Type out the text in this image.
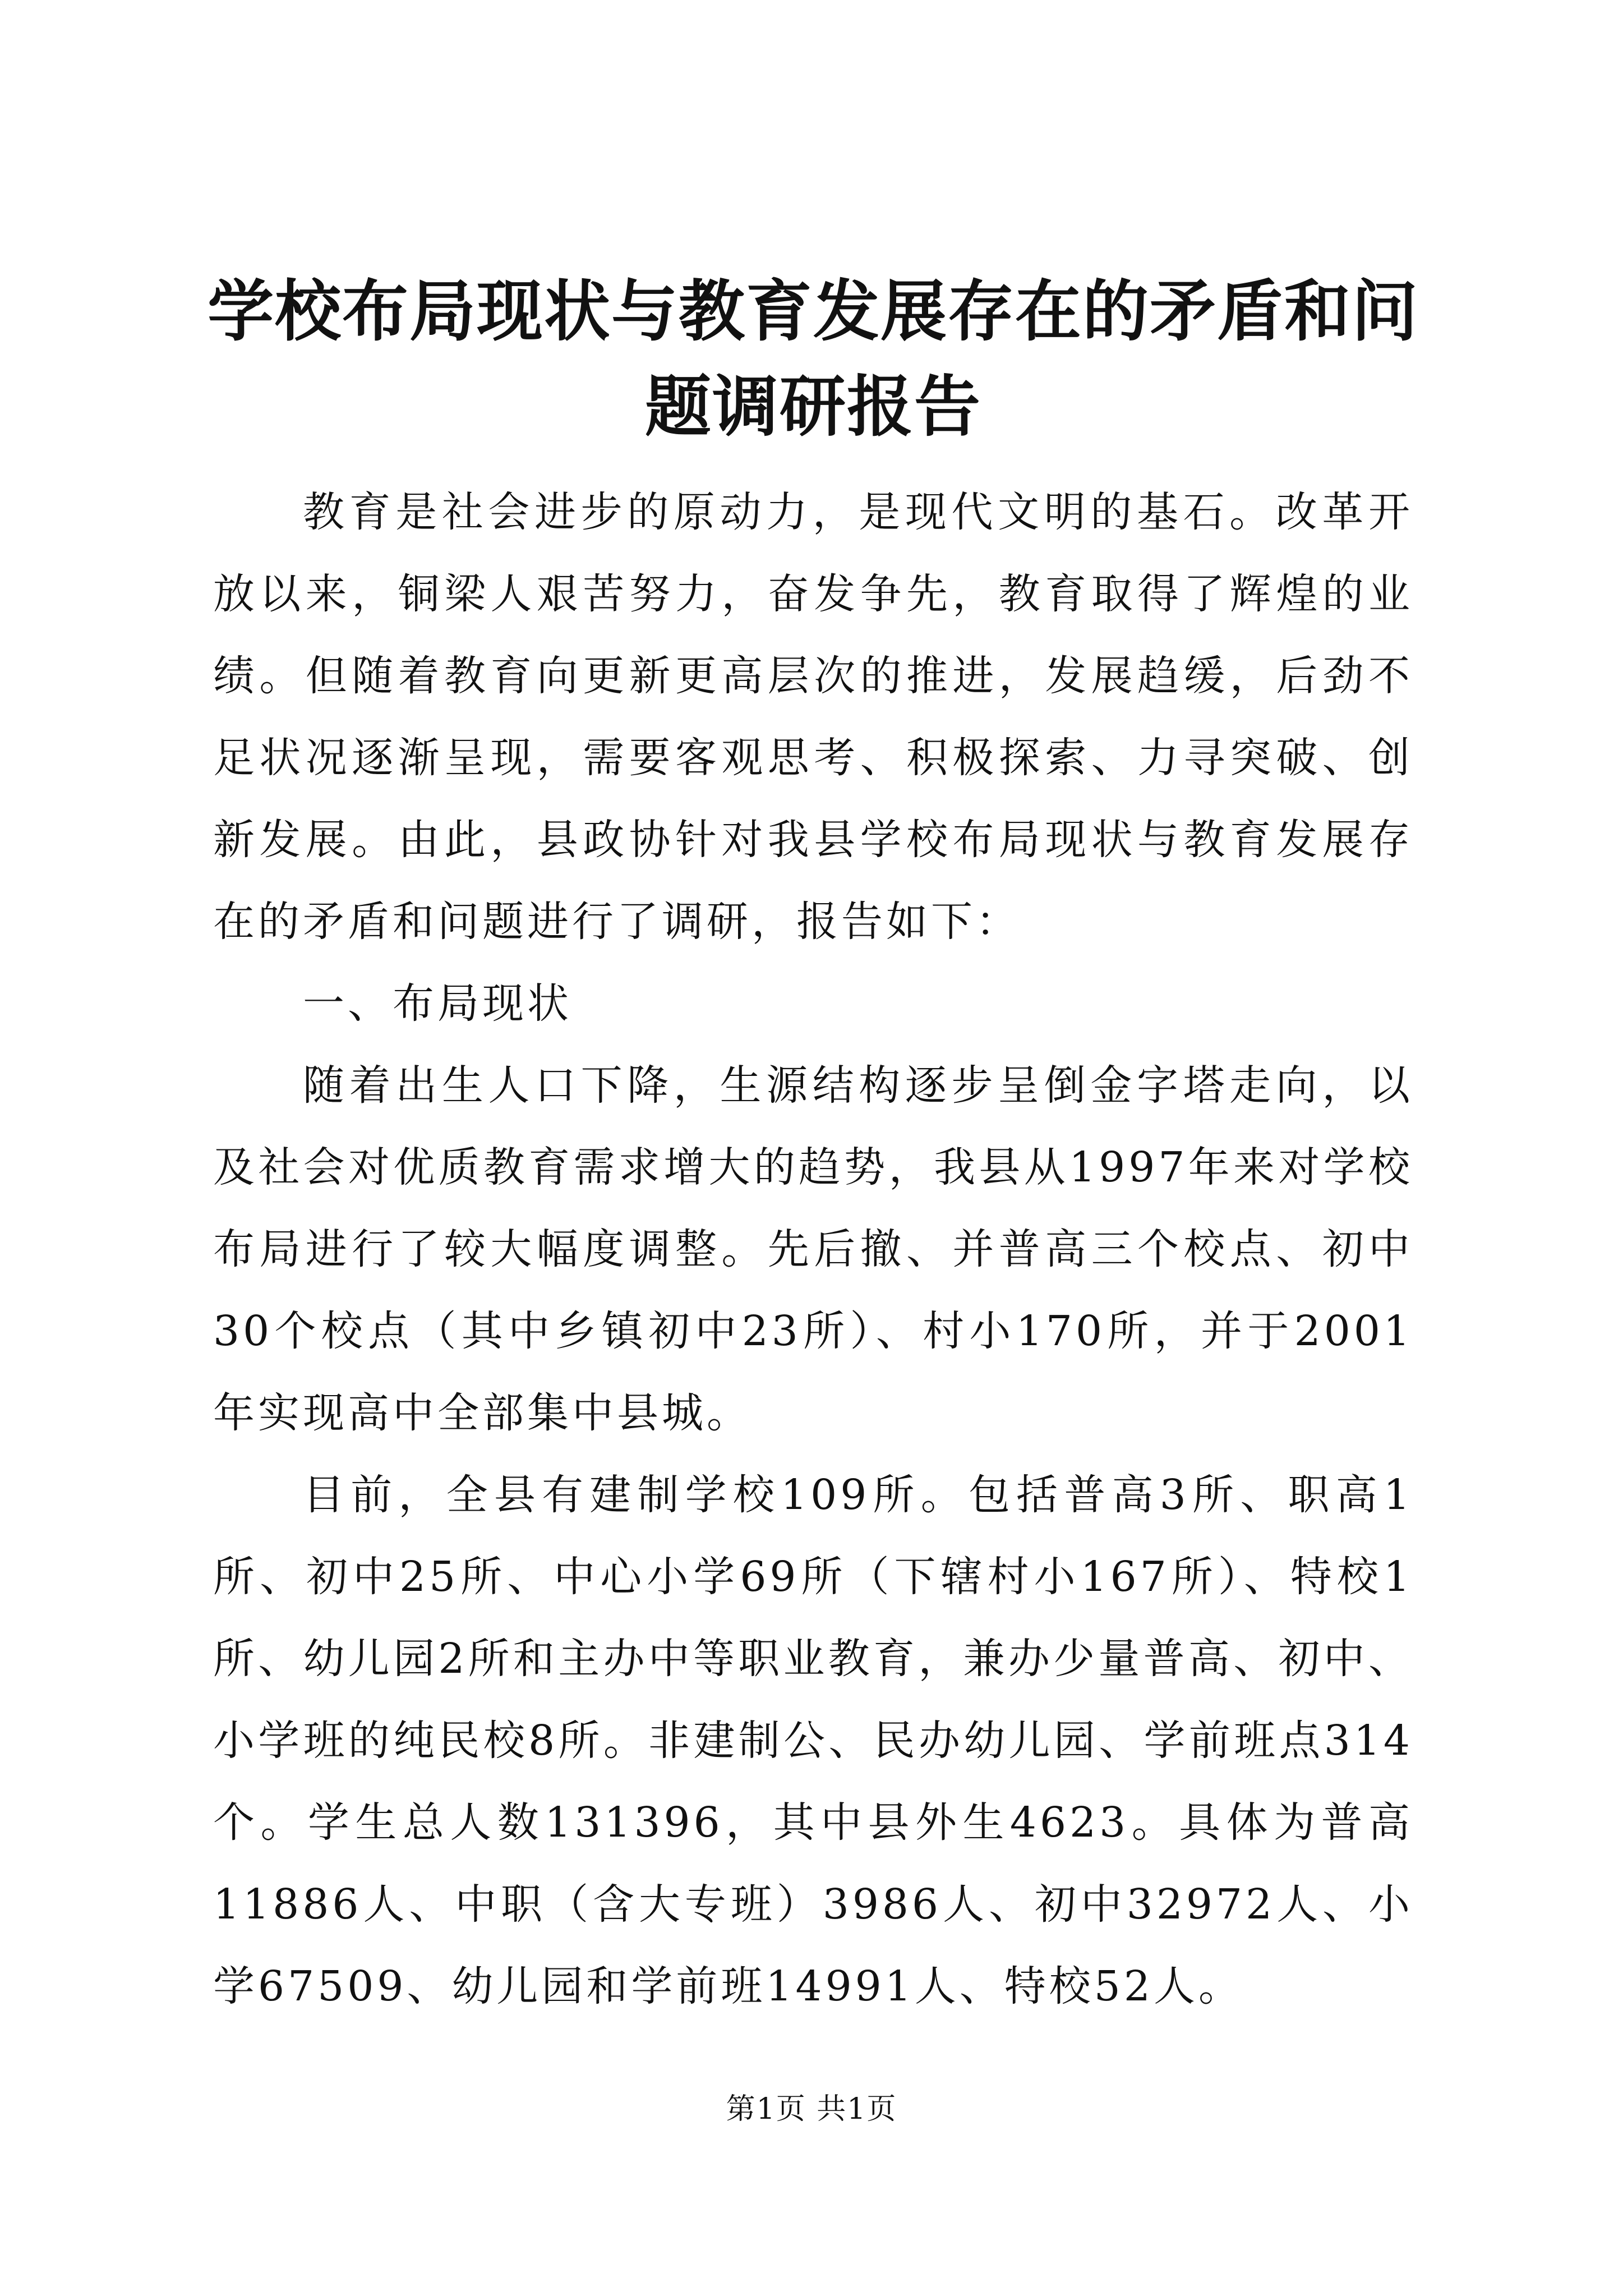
学校布局现状与教育发展存在的矛盾和问题调研报告

教育是社会进步的原动力，是现代文明的基石。改革开放以来，铜梁人艰苦努力，奋发争先，教育取得了辉煌的业绩。但随着教育向更新更高层次的推进，发展趋缓，后劲不足状况逐渐呈现，需要客观思考、积极探索、力寻突破、创新发展。由此，县政协针对我县学校布局现状与教育发展存在的矛盾和问题进行了调研，报告如下：

一、布局现状

随着出生人口下降，生源结构逐步呈倒金字塔走向，以及社会对优质教育需求增大的趋势，我县从1997年来对学校布局进行了较大幅度调整。先后撤、并普高三个校点、初中30个校点（其中乡镇初中23所）、村小170所，并于2001年实现高中全部集中县城。

目前，全县有建制学校109所。包括普高3所、职高1所、初中25所、中心小学69所（下辖村小167所）、特校1所、幼儿园2所和主办中等职业教育，兼办少量普高、初中、小学班的纯民校8所。非建制公、民办幼儿园、学前班点314个。学生总人数131396，其中县外生4623。具体为普高11886人、中职（含大专班）3986人、初中32972人、小学67509、幼儿园和学前班14991人、特校52人。

第1页 共1页
